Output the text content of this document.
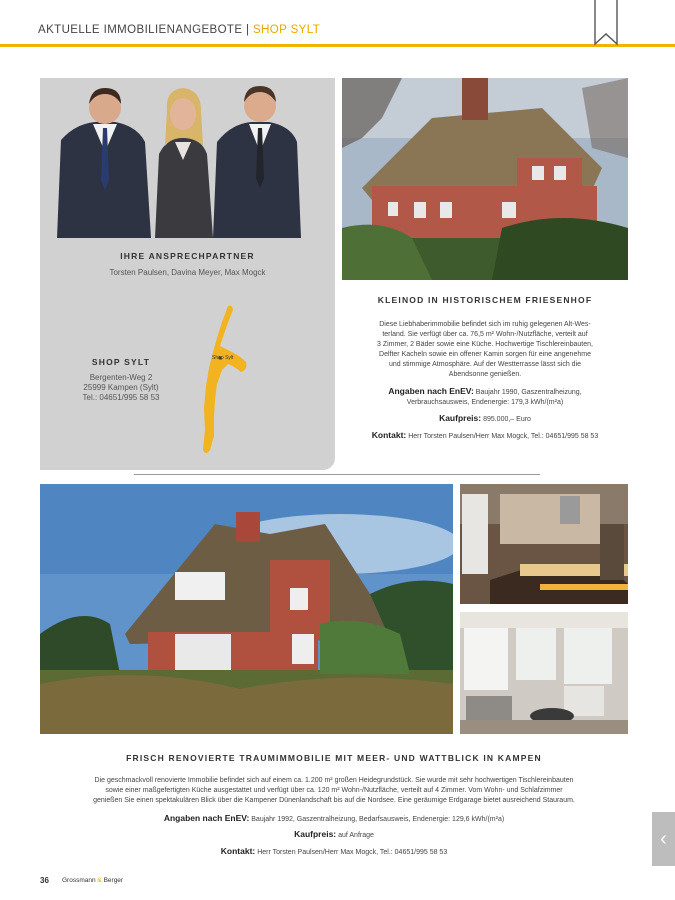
AKTUELLE IMMOBILIENANGEBOTE | SHOP SYLT
IHRE ANSPRECHPARTNER
Torsten Paulsen, Davina Meyer, Max Mogck
SHOP SYLT
Bergenten-Weg 2
25999 Kampen (Sylt)
Tel.: 04651/995 58 53
Shop Sylt
KLEINOD IN HISTORISCHEM FRIESENHOF
Diese Liebhaberimmobilie befindet sich im ruhig gelegenen Alt-Wes-
terland. Sie verfügt über ca. 76,5 m² Wohn-/Nutzfläche, verteilt auf
3 Zimmer, 2 Bäder sowie eine Küche. Hochwertige Tischlereinbauten,
Delfter Kacheln sowie ein offener Kamin sorgen für eine angenehme
und stimmige Atmosphäre. Auf der Westterrasse lässt sich die
Abendsonne genießen.
Angaben nach EnEV: Baujahr 1990, Gaszentralheizung,
Verbrauchsausweis, Endenergie: 179,3 kWh/(m²a)
Kaufpreis: 895.000,– Euro
Kontakt: Herr Torsten Paulsen/Herr Max Mogck, Tel.: 04651/995 58 53
FRISCH RENOVIERTE TRAUMIMMOBILIE MIT MEER- UND WATTBLICK IN KAMPEN
Die geschmackvoll renovierte Immobilie befindet sich auf einem ca. 1.200 m² großen Heidegrundstück. Sie wurde mit sehr hochwertigen Tischlereinbauten
sowie einer maßgefertigten Küche ausgestattet und verfügt über ca. 120 m² Wohn-/Nutzfläche, verteilt auf 4 Zimmer. Vom Wohn- und Schlafzimmer
genießen Sie einen spektakulären Blick über die Kampener Dünenlandschaft bis auf die Nordsee. Eine geräumige Erdgarage bietet ausreichend Stauraum.
Angaben nach EnEV: Baujahr 1992, Gaszentralheizung, Bedarfsausweis, Endenergie: 129,6 kWh/(m²a)
Kaufpreis: auf Anfrage
Kontakt: Herr Torsten Paulsen/Herr Max Mogck, Tel.: 04651/995 58 53
‹
36 Grossmann & Berger
